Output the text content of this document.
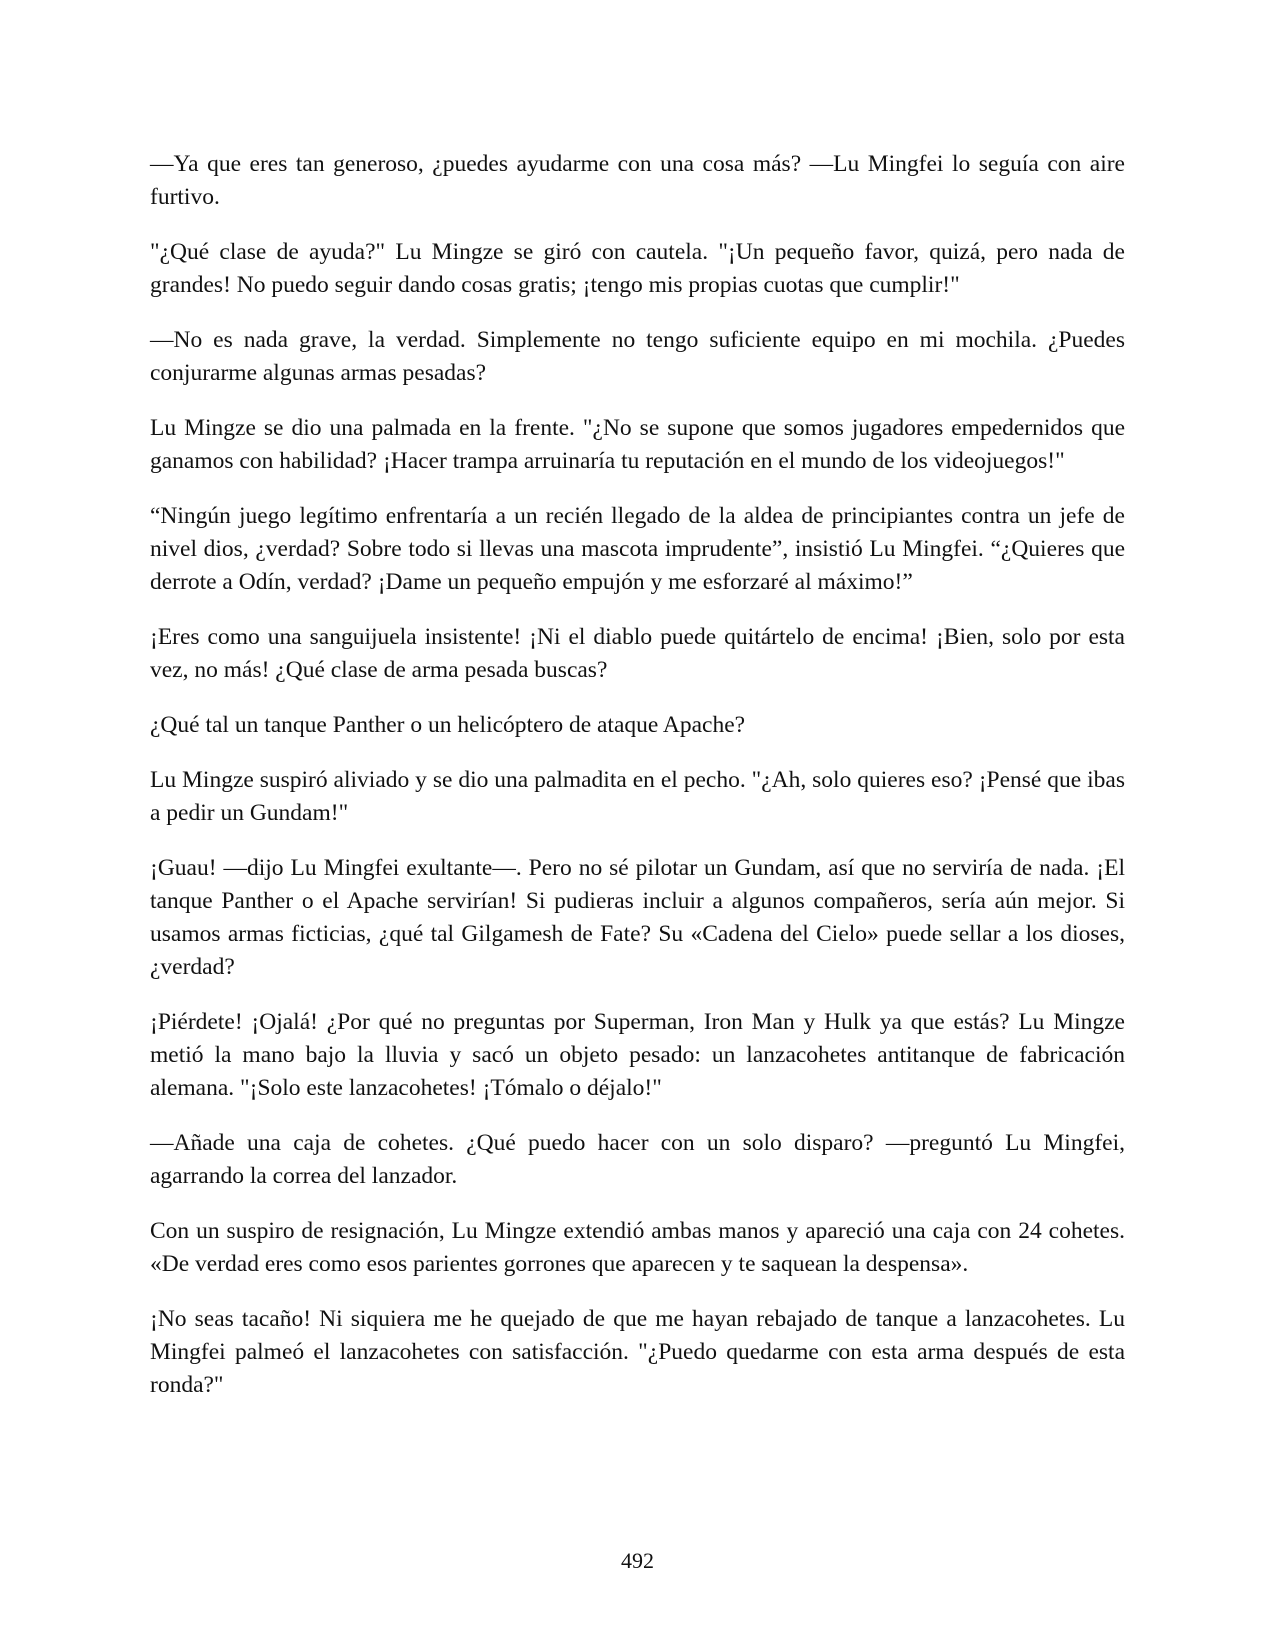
—Ya que eres tan generoso, ¿puedes ayudarme con una cosa más? —Lu Mingfei lo seguía con aire furtivo.

"¿Qué clase de ayuda?" Lu Mingze se giró con cautela. "¡Un pequeño favor, quizá, pero nada de grandes! No puedo seguir dando cosas gratis; ¡tengo mis propias cuotas que cumplir!"

—No es nada grave, la verdad. Simplemente no tengo suficiente equipo en mi mochila. ¿Puedes conjurarme algunas armas pesadas?

Lu Mingze se dio una palmada en la frente. "¿No se supone que somos jugadores empedernidos que ganamos con habilidad? ¡Hacer trampa arruinaría tu reputación en el mundo de los videojuegos!"

“Ningún juego legítimo enfrentaría a un recién llegado de la aldea de principiantes contra un jefe de nivel dios, ¿verdad? Sobre todo si llevas una mascota imprudente”, insistió Lu Mingfei. “¿Quieres que derrote a Odín, verdad? ¡Dame un pequeño empujón y me esforzaré al máximo!”

¡Eres como una sanguijuela insistente! ¡Ni el diablo puede quitártelo de encima! ¡Bien, solo por esta vez, no más! ¿Qué clase de arma pesada buscas?

¿Qué tal un tanque Panther o un helicóptero de ataque Apache?

Lu Mingze suspiró aliviado y se dio una palmadita en el pecho. "¿Ah, solo quieres eso? ¡Pensé que ibas a pedir un Gundam!"

¡Guau! —dijo Lu Mingfei exultante—. Pero no sé pilotar un Gundam, así que no serviría de nada. ¡El tanque Panther o el Apache servirían! Si pudieras incluir a algunos compañeros, sería aún mejor. Si usamos armas ficticias, ¿qué tal Gilgamesh de Fate? Su «Cadena del Cielo» puede sellar a los dioses, ¿verdad?

¡Piérdete! ¡Ojalá! ¿Por qué no preguntas por Superman, Iron Man y Hulk ya que estás? Lu Mingze metió la mano bajo la lluvia y sacó un objeto pesado: un lanzacohetes antitanque de fabricación alemana. "¡Solo este lanzacohetes! ¡Tómalo o déjalo!"

—Añade una caja de cohetes. ¿Qué puedo hacer con un solo disparo? —preguntó Lu Mingfei, agarrando la correa del lanzador.

Con un suspiro de resignación, Lu Mingze extendió ambas manos y apareció una caja con 24 cohetes. «De verdad eres como esos parientes gorrones que aparecen y te saquean la despensa».

¡No seas tacaño! Ni siquiera me he quejado de que me hayan rebajado de tanque a lanzacohetes. Lu Mingfei palmeó el lanzacohetes con satisfacción. "¿Puedo quedarme con esta arma después de esta ronda?"

492
